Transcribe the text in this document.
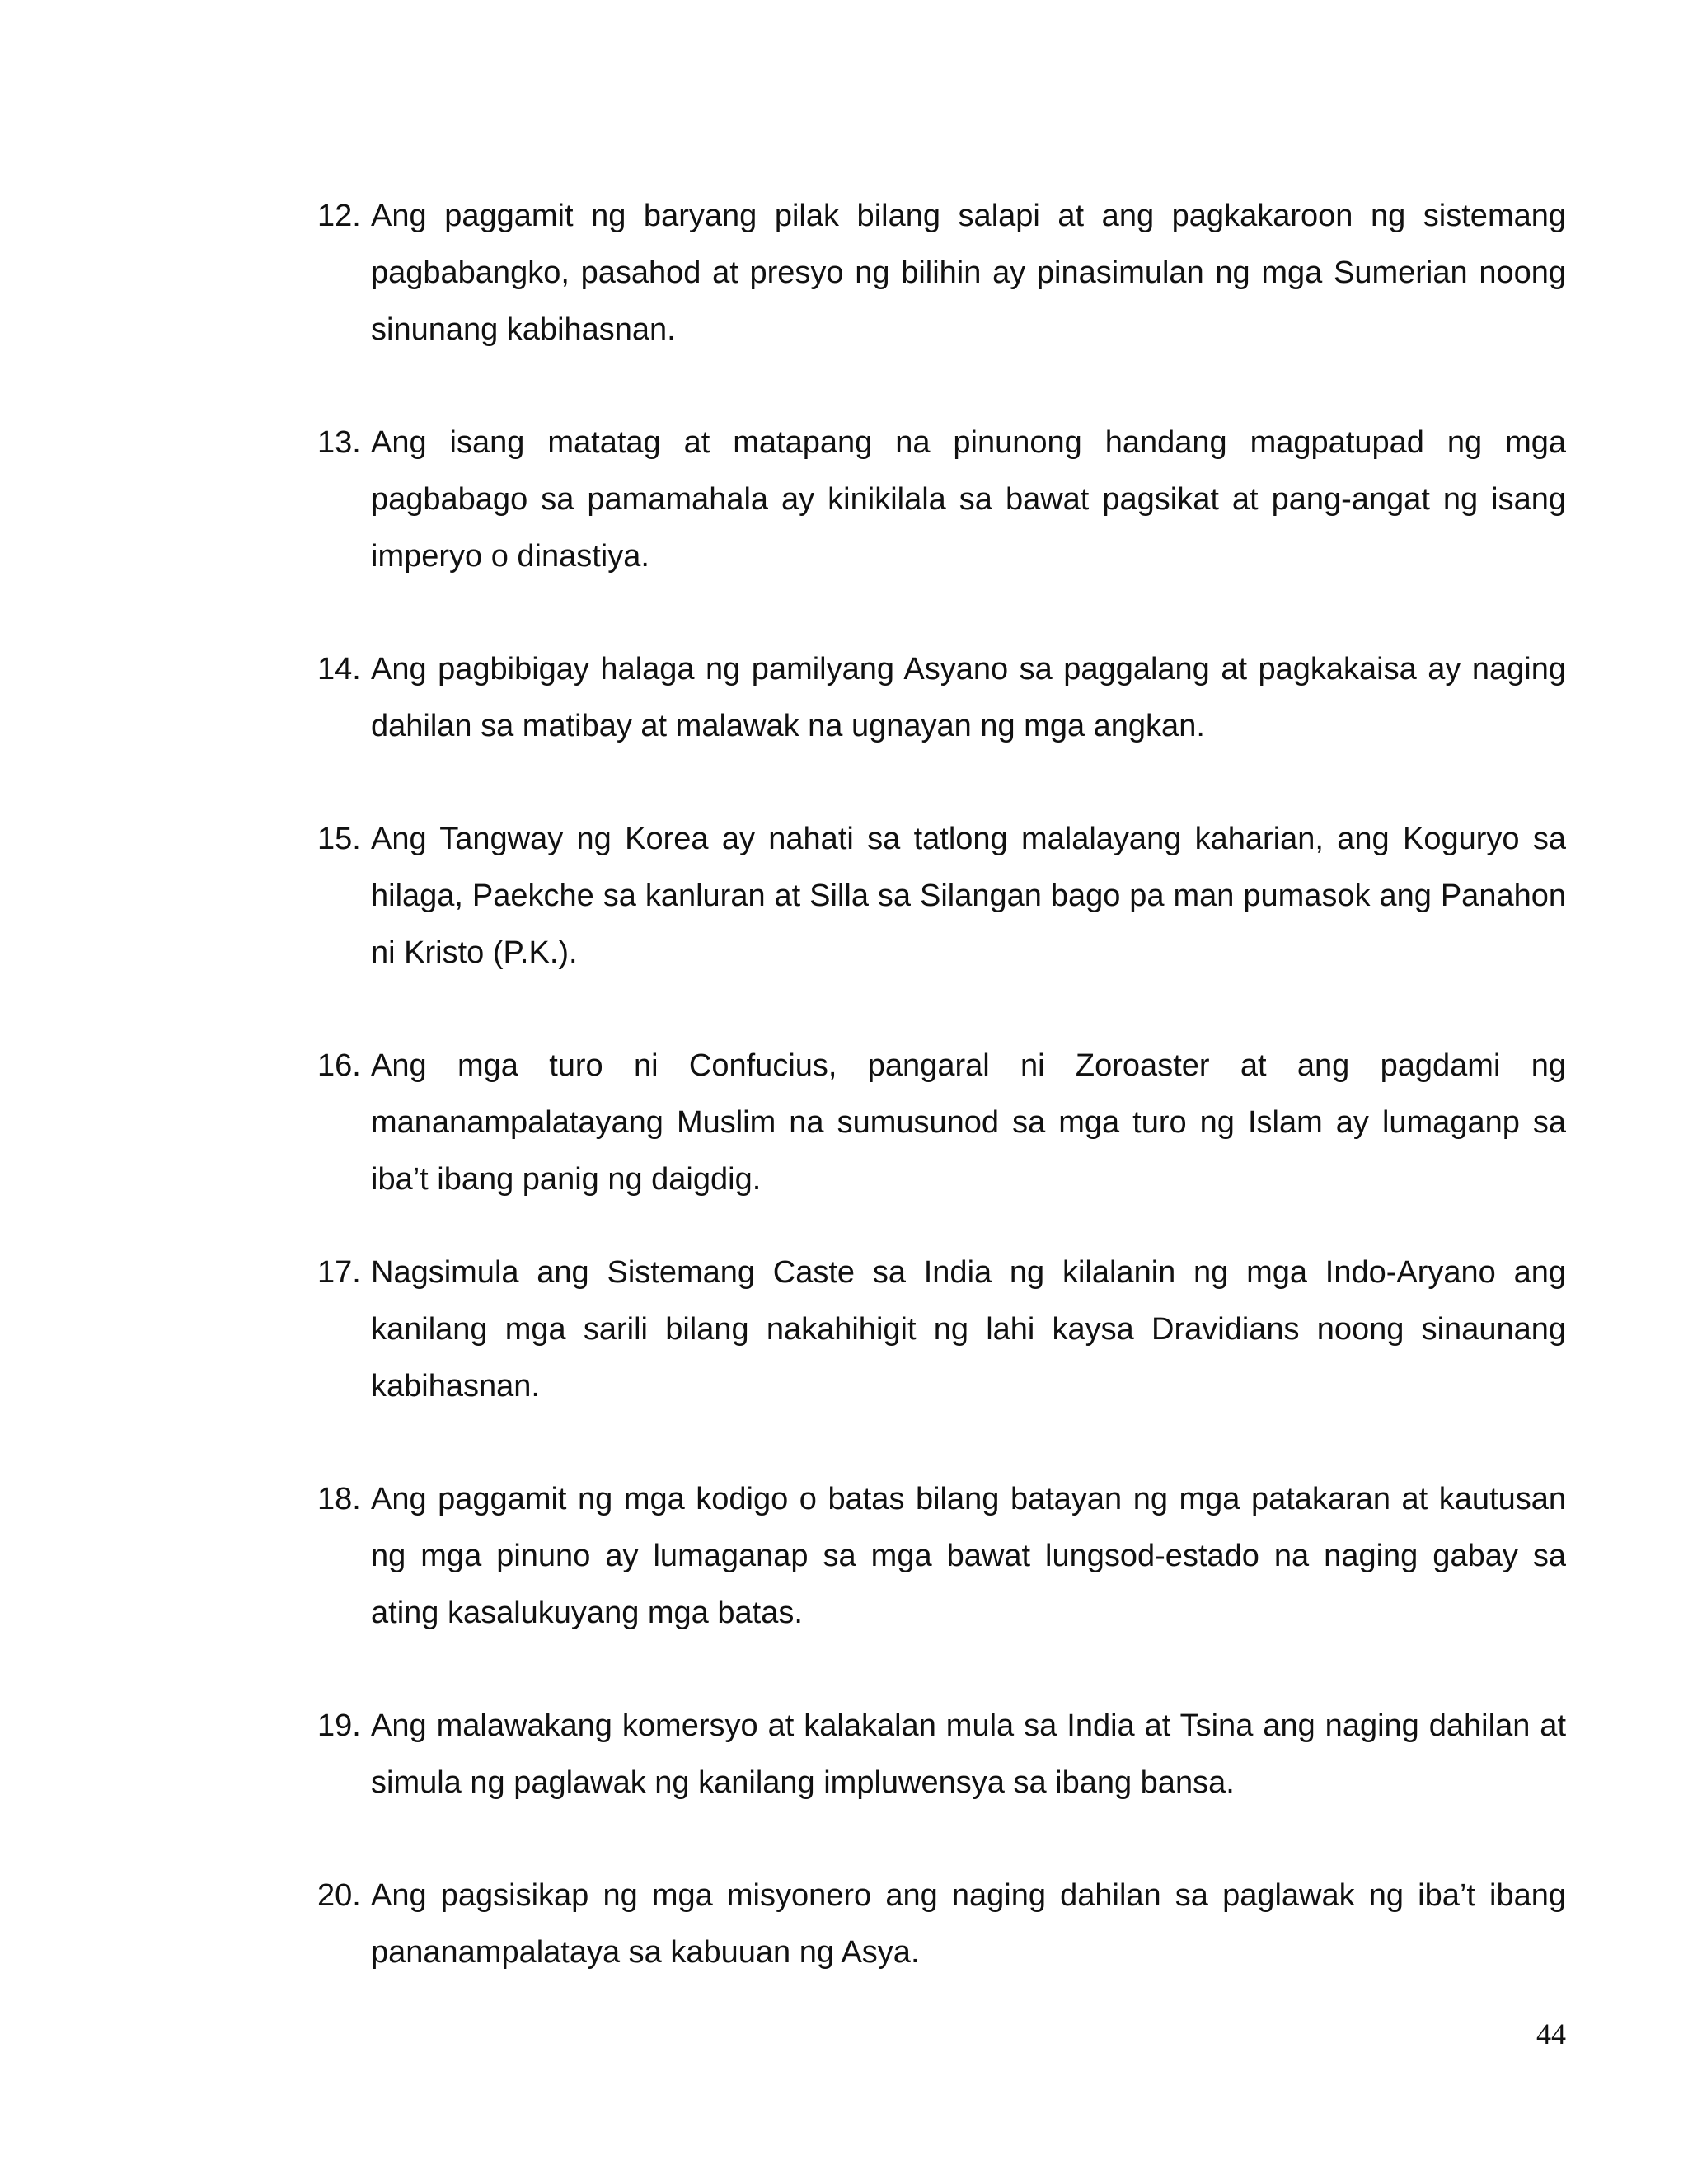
12. Ang paggamit ng baryang pilak bilang salapi at ang pagkakaroon ng sistemang pagbabangko, pasahod at presyo ng bilihin ay pinasimulan ng mga Sumerian noong sinunang kabihasnan.
13. Ang isang matatag at matapang na pinunong handang magpatupad ng mga pagbabago sa pamamahala ay kinikilala sa bawat pagsikat at pang-angat ng isang imperyo o dinastiya.
14. Ang pagbibigay halaga ng pamilyang Asyano sa paggalang at pagkakaisa ay naging dahilan sa matibay at malawak na ugnayan ng mga angkan.
15. Ang Tangway ng Korea ay nahati sa tatlong malalayang kaharian, ang Koguryo sa hilaga, Paekche sa kanluran at Silla sa Silangan bago pa man pumasok ang Panahon ni Kristo (P.K.).
16. Ang mga turo ni Confucius, pangaral ni Zoroaster at ang pagdami ng mananampalatayang Muslim na sumusunod sa mga turo ng Islam ay lumaganp sa iba’t ibang panig ng daigdig.
17. Nagsimula ang Sistemang Caste sa India ng kilalanin ng mga Indo-Aryano ang kanilang mga sarili bilang nakahihigit ng lahi kaysa Dravidians noong sinaunang kabihasnan.
18. Ang paggamit ng mga kodigo o batas bilang batayan ng mga patakaran at kautusan ng mga pinuno ay lumaganap sa mga bawat lungsod-estado na naging gabay sa ating kasalukuyang mga batas.
19. Ang malawakang komersyo at kalakalan mula sa India at Tsina ang naging dahilan at simula ng paglawak ng kanilang impluwensya sa ibang bansa.
20. Ang pagsisikap ng mga misyonero ang naging dahilan sa paglawak ng iba’t ibang pananampalataya sa kabuuan ng Asya.
44
